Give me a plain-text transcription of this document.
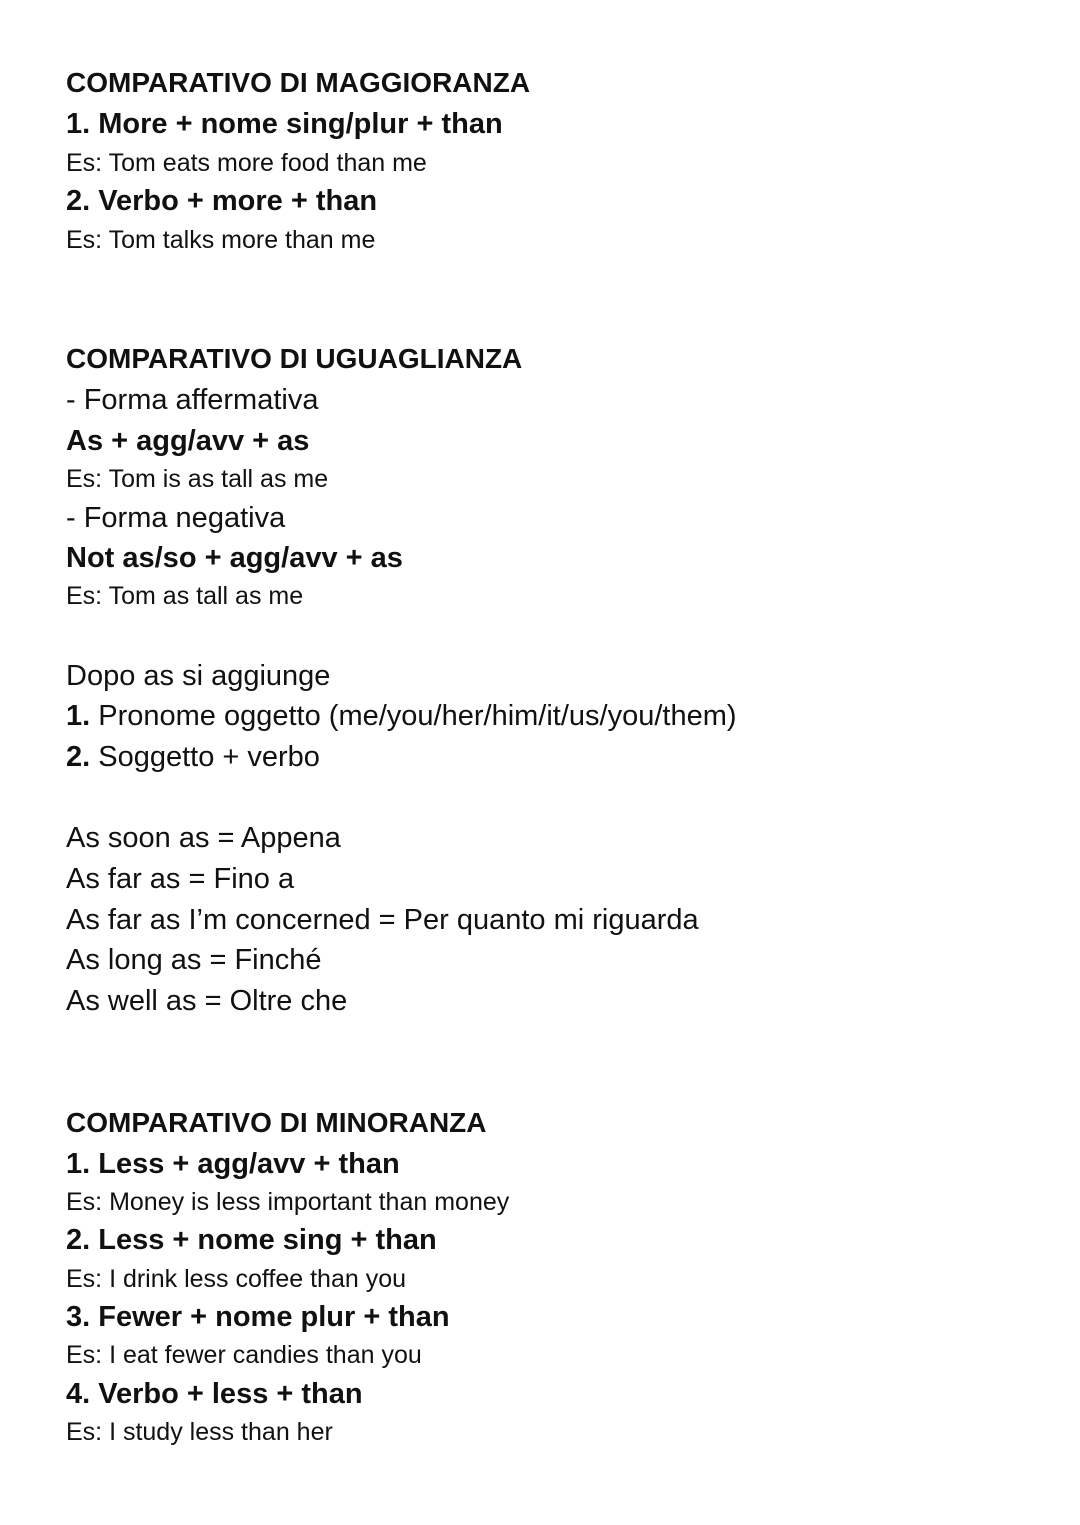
COMPARATIVO DI MAGGIORANZA
1. More + nome sing/plur + than
Es: Tom eats more food than me
2. Verbo + more + than
Es: Tom talks more than me
COMPARATIVO DI UGUAGLIANZA
- Forma affermativa
As + agg/avv + as
Es: Tom is as tall as me
- Forma negativa
Not as/so + agg/avv + as
Es: Tom as tall as me
Dopo as si aggiunge
1. Pronome oggetto (me/you/her/him/it/us/you/them)
2. Soggetto + verbo
As soon as = Appena
As far as = Fino a
As far as I’m concerned = Per quanto mi riguarda
As long as = Finché
As well as = Oltre che
COMPARATIVO DI MINORANZA
1. Less + agg/avv + than
Es: Money is less important than money
2. Less + nome sing + than
Es: I drink less coffee than you
3. Fewer + nome plur + than
Es: I eat fewer candies than you
4. Verbo + less + than
Es: I study less than her
